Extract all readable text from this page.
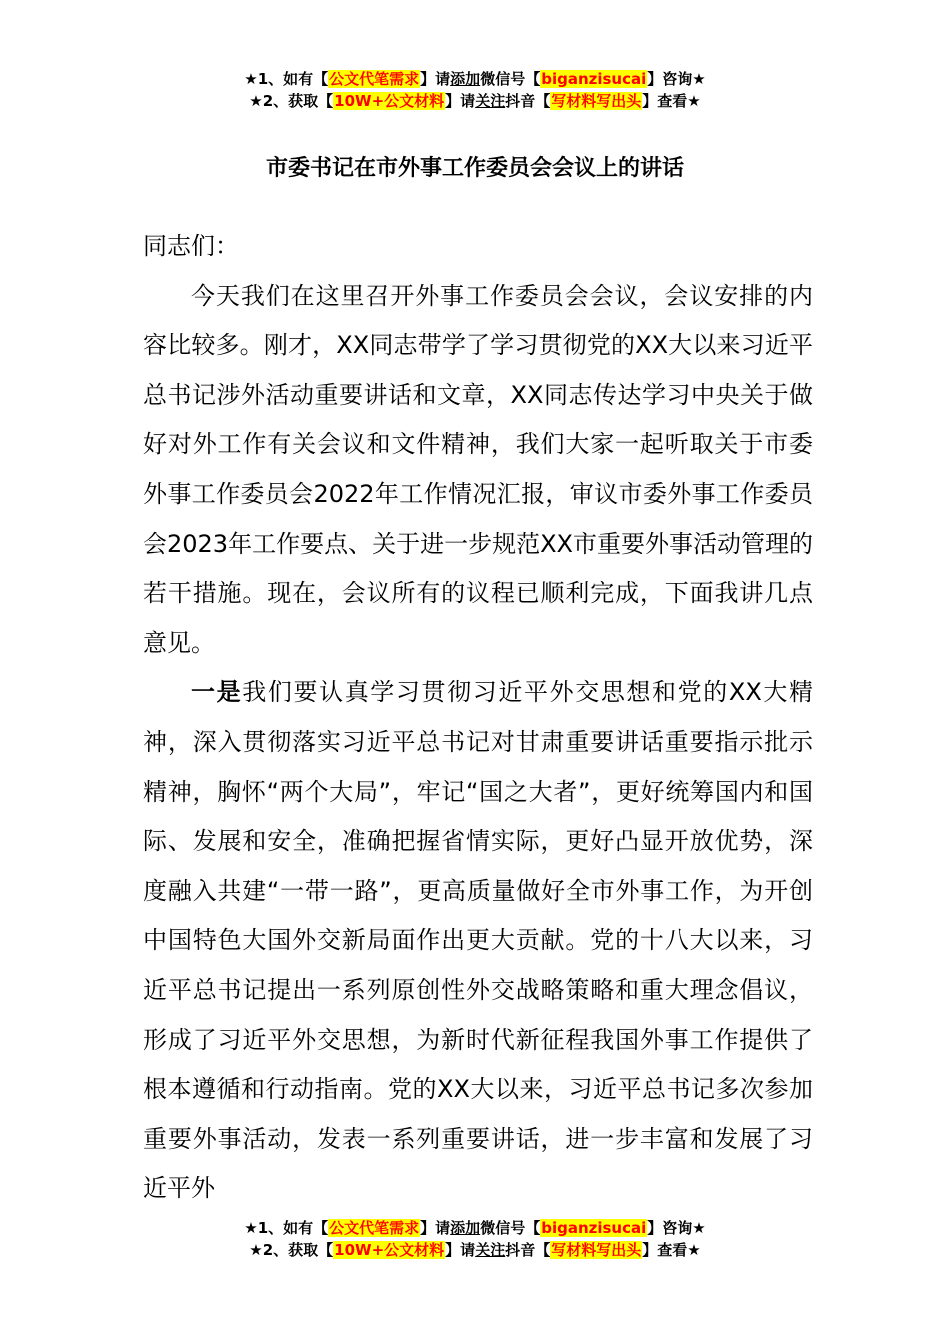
★1、如有【公文代笔需求】请添加微信号【biganzisucai】咨询★
★2、获取【10W+公文材料】请关注抖音【写材料写出头】查看★
市委书记在市外事工作委员会会议上的讲话

同志们：

今天我们在这里召开外事工作委员会会议，会议安排的内容比较多。刚才，XX同志带学了学习贯彻党的XX大以来习近平总书记涉外活动重要讲话和文章，XX同志传达学习中央关于做好对外工作有关会议和文件精神，我们大家一起听取关于市委外事工作委员会2022年工作情况汇报，审议市委外事工作委员会2023年工作要点、关于进一步规范XX市重要外事活动管理的若干措施。现在，会议所有的议程已顺利完成，下面我讲几点意见。

一是我们要认真学习贯彻习近平外交思想和党的XX大精神，深入贯彻落实习近平总书记对甘肃重要讲话重要指示批示精神，胸怀“两个大局”，牢记“国之大者”，更好统筹国内和国际、发展和安全，准确把握省情实际，更好凸显开放优势，深度融入共建“一带一路”，更高质量做好全市外事工作，为开创中国特色大国外交新局面作出更大贡献。党的十八大以来，习近平总书记提出一系列原创性外交战略策略和重大理念倡议，形成了习近平外交思想，为新时代新征程我国外事工作提供了根本遵循和行动指南。党的XX大以来，习近平总书记多次参加重要外事活动，发表一系列重要讲话，进一步丰富和发展了习近平外

★1、如有【公文代笔需求】请添加微信号【biganzisucai】咨询★
★2、获取【10W+公文材料】请关注抖音【写材料写出头】查看★
